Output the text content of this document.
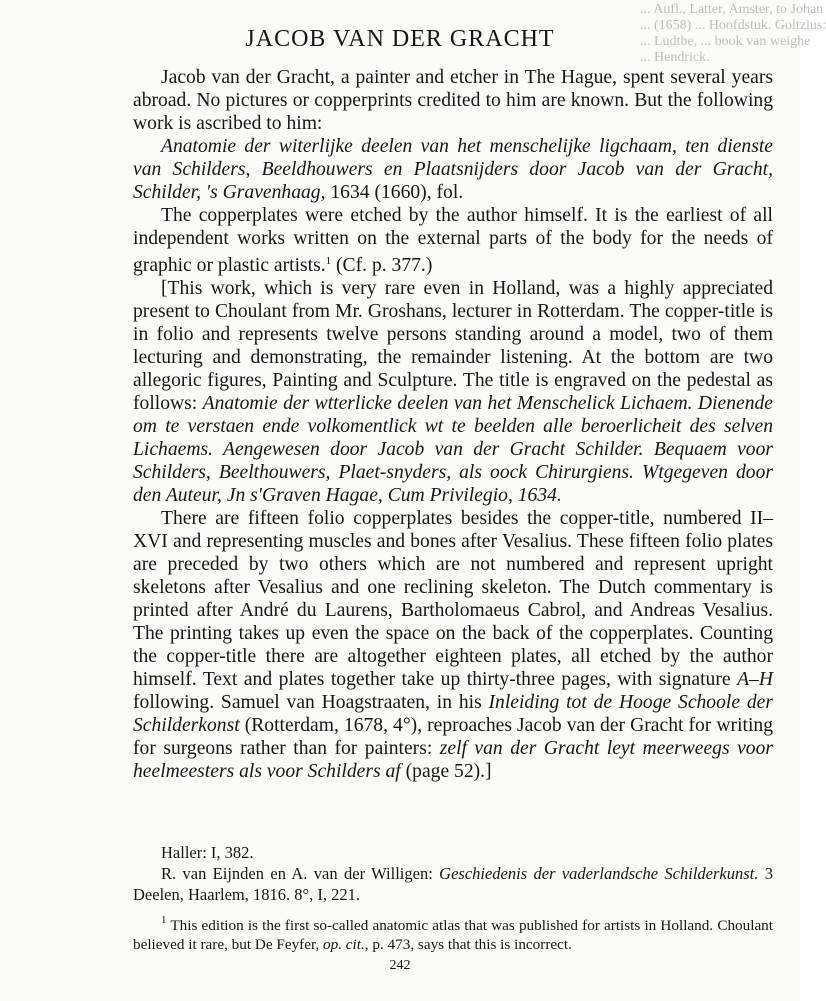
... Aufl., Latter, Amster, to Johan
... (1658) ... Hoofdstuk. Goltzius:
... Ludtbe, ... book van weighe
... Hendrick.
JACOB VAN DER GRACHT

Jacob van der Gracht, a painter and etcher in The Hague, spent several years abroad. No pictures or copperprints credited to him are known. But the following work is ascribed to him:

Anatomie der witerlijke deelen van het menschelijke ligchaam, ten dienste van Schilders, Beeldhouwers en Plaatsnijders door Jacob van der Gracht, Schilder, 's Gravenhaag, 1634 (1660), fol.

The copperplates were etched by the author himself. It is the earliest of all independent works written on the external parts of the body for the needs of graphic or plastic artists.$^1$ (Cf. p. 377.)

[This work, which is very rare even in Holland, was a highly appreciated present to Choulant from Mr. Groshans, lecturer in Rotterdam. The copper-title is in folio and represents twelve persons standing around a model, two of them lecturing and demonstrating, the remainder listening. At the bottom are two allegoric figures, Painting and Sculpture. The title is engraved on the pedestal as follows: Anatomie der wtterlicke deelen van het Menschelick Lichaem. Dienende om te verstaen ende volkomentlick wt te beelden alle beroerlicheit des selven Lichaems. Aengewesen door Jacob van der Gracht Schilder. Bequaem voor Schilders, Beelthouwers, Plaet-snyders, als oock Chirurgiens. Wtgegeven door den Auteur, Jn s'Graven Hagae, Cum Privilegio, 1634.

There are fifteen folio copperplates besides the copper-title, numbered II–XVI and representing muscles and bones after Vesalius. These fifteen folio plates are preceded by two others which are not numbered and represent upright skeletons after Vesalius and one reclining skeleton. The Dutch commentary is printed after André du Laurens, Bartholomaeus Cabrol, and Andreas Vesalius. The printing takes up even the space on the back of the copperplates. Counting the copper-title there are altogether eighteen plates, all etched by the author himself. Text and plates together take up thirty-three pages, with signature A–H following. Samuel van Hoagstraaten, in his Inleiding tot de Hooge Schoole der Schilderkonst (Rotterdam, 1678, 4°), reproaches Jacob van der Gracht for writing for surgeons rather than for painters: zelf van der Gracht leyt meerweegs voor heelmeesters als voor Schilders af (page 52).]

Haller: I, 382.

R. van Eijnden en A. van der Willigen: Geschiedenis der vaderlandsche Schilderkunst. 3 Deelen, Haarlem, 1816. 8°, I, 221.

$^1$ This edition is the first so-called anatomic atlas that was published for artists in Holland. Choulant believed it rare, but De Feyfer, op. cit., p. 473, says that this is incorrect.

242
